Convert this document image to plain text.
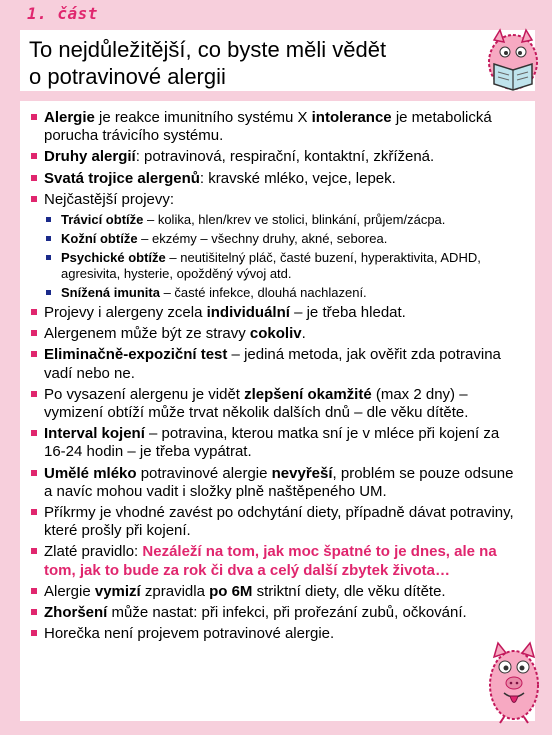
1. část
To nejdůležitější, co byste měli vědět
o potravinové alergii
Alergie je reakce imunitního systému X intolerance je metabolická porucha trávicího systému.
Druhy alergií: potravinová, respirační, kontaktní, zkřížená.
Svatá trojice alergenů: kravské mléko, vejce, lepek.
Nejčastější projevy:
Trávicí obtíže – kolika, hlen/krev ve stolici, blinkání, průjem/zácpa.
Kožní obtíže – ekzémy – všechny druhy, akné, seborea.
Psychické obtíže – neutišitelný pláč, časté buzení, hyperaktivita, ADHD, agresivita, hysterie, opožděný vývoj atd.
Snížená imunita – časté infekce, dlouhá nachlazení.
Projevy i alergeny zcela individuální – je třeba hledat.
Alergenem může být ze stravy cokoliv.
Eliminačně-expoziční test – jediná metoda, jak ověřit zda potravina vadí nebo ne.
Po vysazení alergenu je vidět zlepšení okamžité (max 2 dny) – vymizení obtíží může trvat několik dalších dnů – dle věku dítěte.
Interval kojení – potravina, kterou matka sní je v mléce při kojení za 16-24 hodin – je třeba vypátrat.
Umělé mléko potravinové alergie nevyřeší, problém se pouze odsune a navíc mohou vadit i složky plně naštěpeného UM.
Příkrmy je vhodné zavést po odchytání diety, případně dávat potraviny, které prošly při kojení.
Zlaté pravidlo: Nezáleží na tom, jak moc špatné to je dnes, ale na tom, jak to bude za rok či dva a celý další zbytek života…
Alergie vymizí zpravidla po 6M striktní diety, dle věku dítěte.
Zhoršení může nastat: při infekci, při prořezání zubů, očkování.
Horečka není projevem potravinové alergie.
